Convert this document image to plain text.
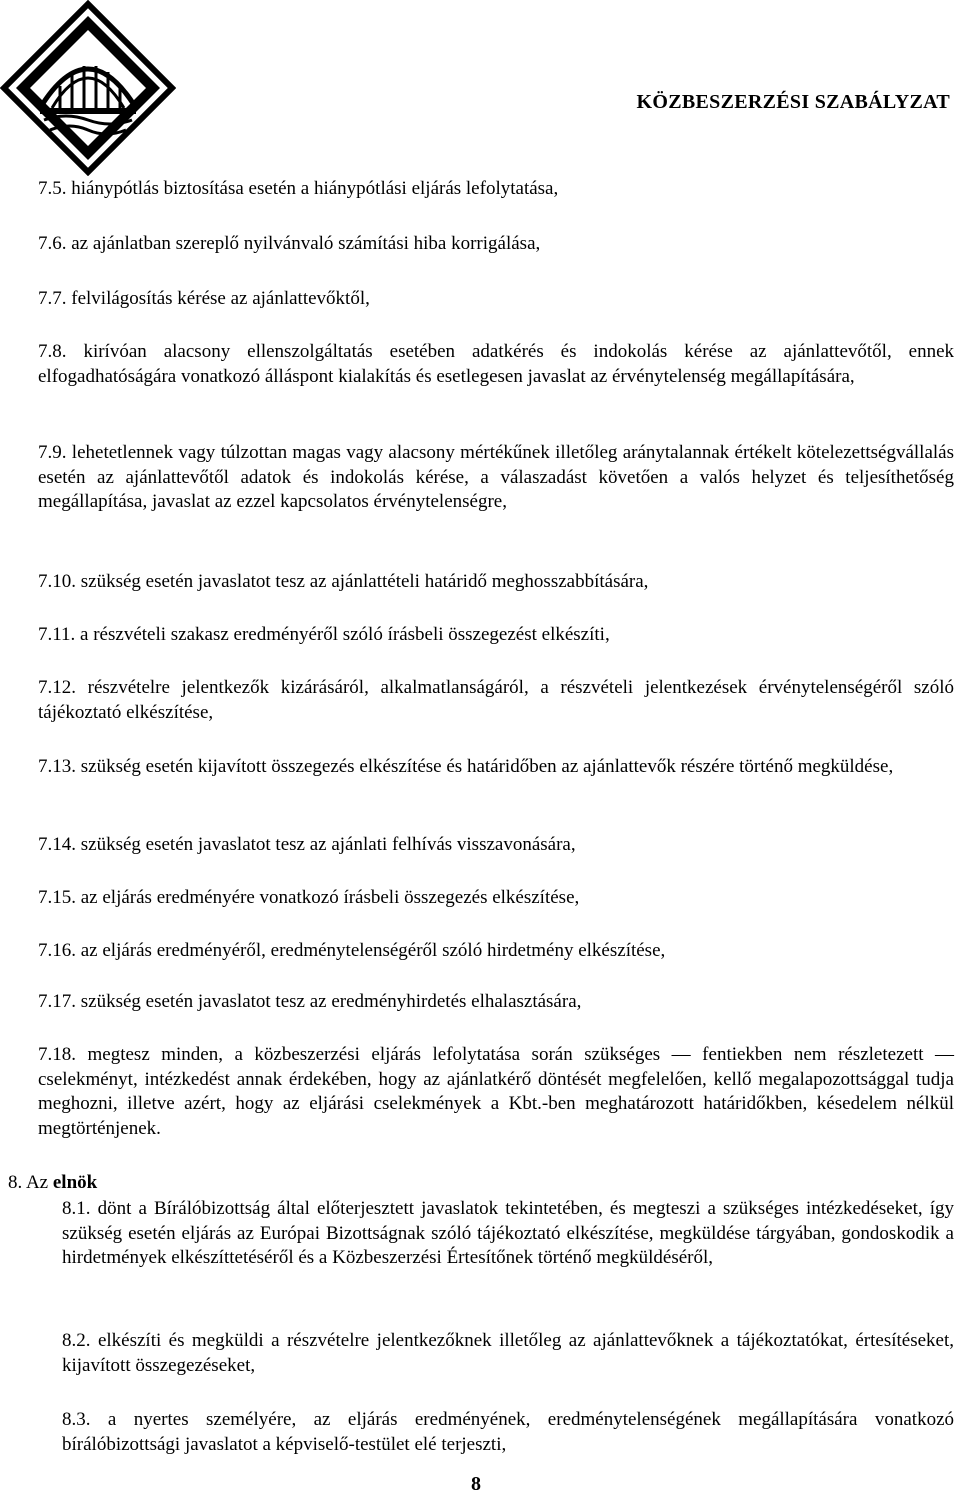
KÖZBESZERZÉSI SZABÁLYZAT
7.5. hiánypótlás biztosítása esetén a hiánypótlási eljárás lefolytatása,
7.6. az ajánlatban szereplő nyilvánvaló számítási hiba korrigálása,
7.7. felvilágosítás kérése az ajánlattevőktől,
7.8. kirívóan alacsony ellenszolgáltatás esetében adatkérés és indokolás kérése az ajánlattevőtől, ennek elfogadhatóságára vonatkozó álláspont kialakítás és esetlegesen javaslat az érvénytelenség megállapítására,
7.9. lehetetlennek vagy túlzottan magas vagy alacsony mértékűnek illetőleg aránytalannak értékelt kötelezettségvállalás esetén az ajánlattevőtől adatok és indokolás kérése, a válaszadást követően a valós helyzet és teljesíthetőség megállapítása, javaslat az ezzel kapcsolatos érvénytelenségre,
7.10. szükség esetén javaslatot tesz az ajánlattételi határidő meghosszabbítására,
7.11. a részvételi szakasz eredményéről szóló írásbeli összegezést elkészíti,
7.12. részvételre jelentkezők kizárásáról, alkalmatlanságáról, a részvételi jelentkezések érvénytelenségéről szóló tájékoztató elkészítése,
7.13. szükség esetén kijavított összegezés elkészítése és határidőben az ajánlattevők részére történő megküldése,
7.14. szükség esetén javaslatot tesz az ajánlati felhívás visszavonására,
7.15. az eljárás eredményére vonatkozó írásbeli összegezés elkészítése,
7.16. az eljárás eredményéről, eredménytelenségéről szóló hirdetmény elkészítése,
7.17. szükség esetén javaslatot tesz az eredményhirdetés elhalasztására,
7.18. megtesz minden, a közbeszerzési eljárás lefolytatása során szükséges — fentiekben nem részletezett — cselekményt, intézkedést annak érdekében, hogy az ajánlatkérő döntését megfelelően, kellő megalapozottsággal tudja meghozni, illetve azért, hogy az eljárási cselekmények a Kbt.-ben meghatározott határidőkben, késedelem nélkül megtörténjenek.
8. Az elnök
8.1. dönt a Bírálóbizottság által előterjesztett javaslatok tekintetében, és megteszi a szükséges intézkedéseket, így szükség esetén eljárás az Európai Bizottságnak szóló tájékoztató elkészítése, megküldése tárgyában, gondoskodik a hirdetmények elkészíttetéséről és a Közbeszerzési Értesítőnek történő megküldéséről,
8.2. elkészíti és megküldi a részvételre jelentkezőknek illetőleg az ajánlattevőknek a tájékoztatókat, értesítéseket, kijavított összegezéseket,
8.3. a nyertes személyére, az eljárás eredményének, eredménytelenségének megállapítására vonatkozó bírálóbizottsági javaslatot a képviselő-testület elé terjeszti,
8
